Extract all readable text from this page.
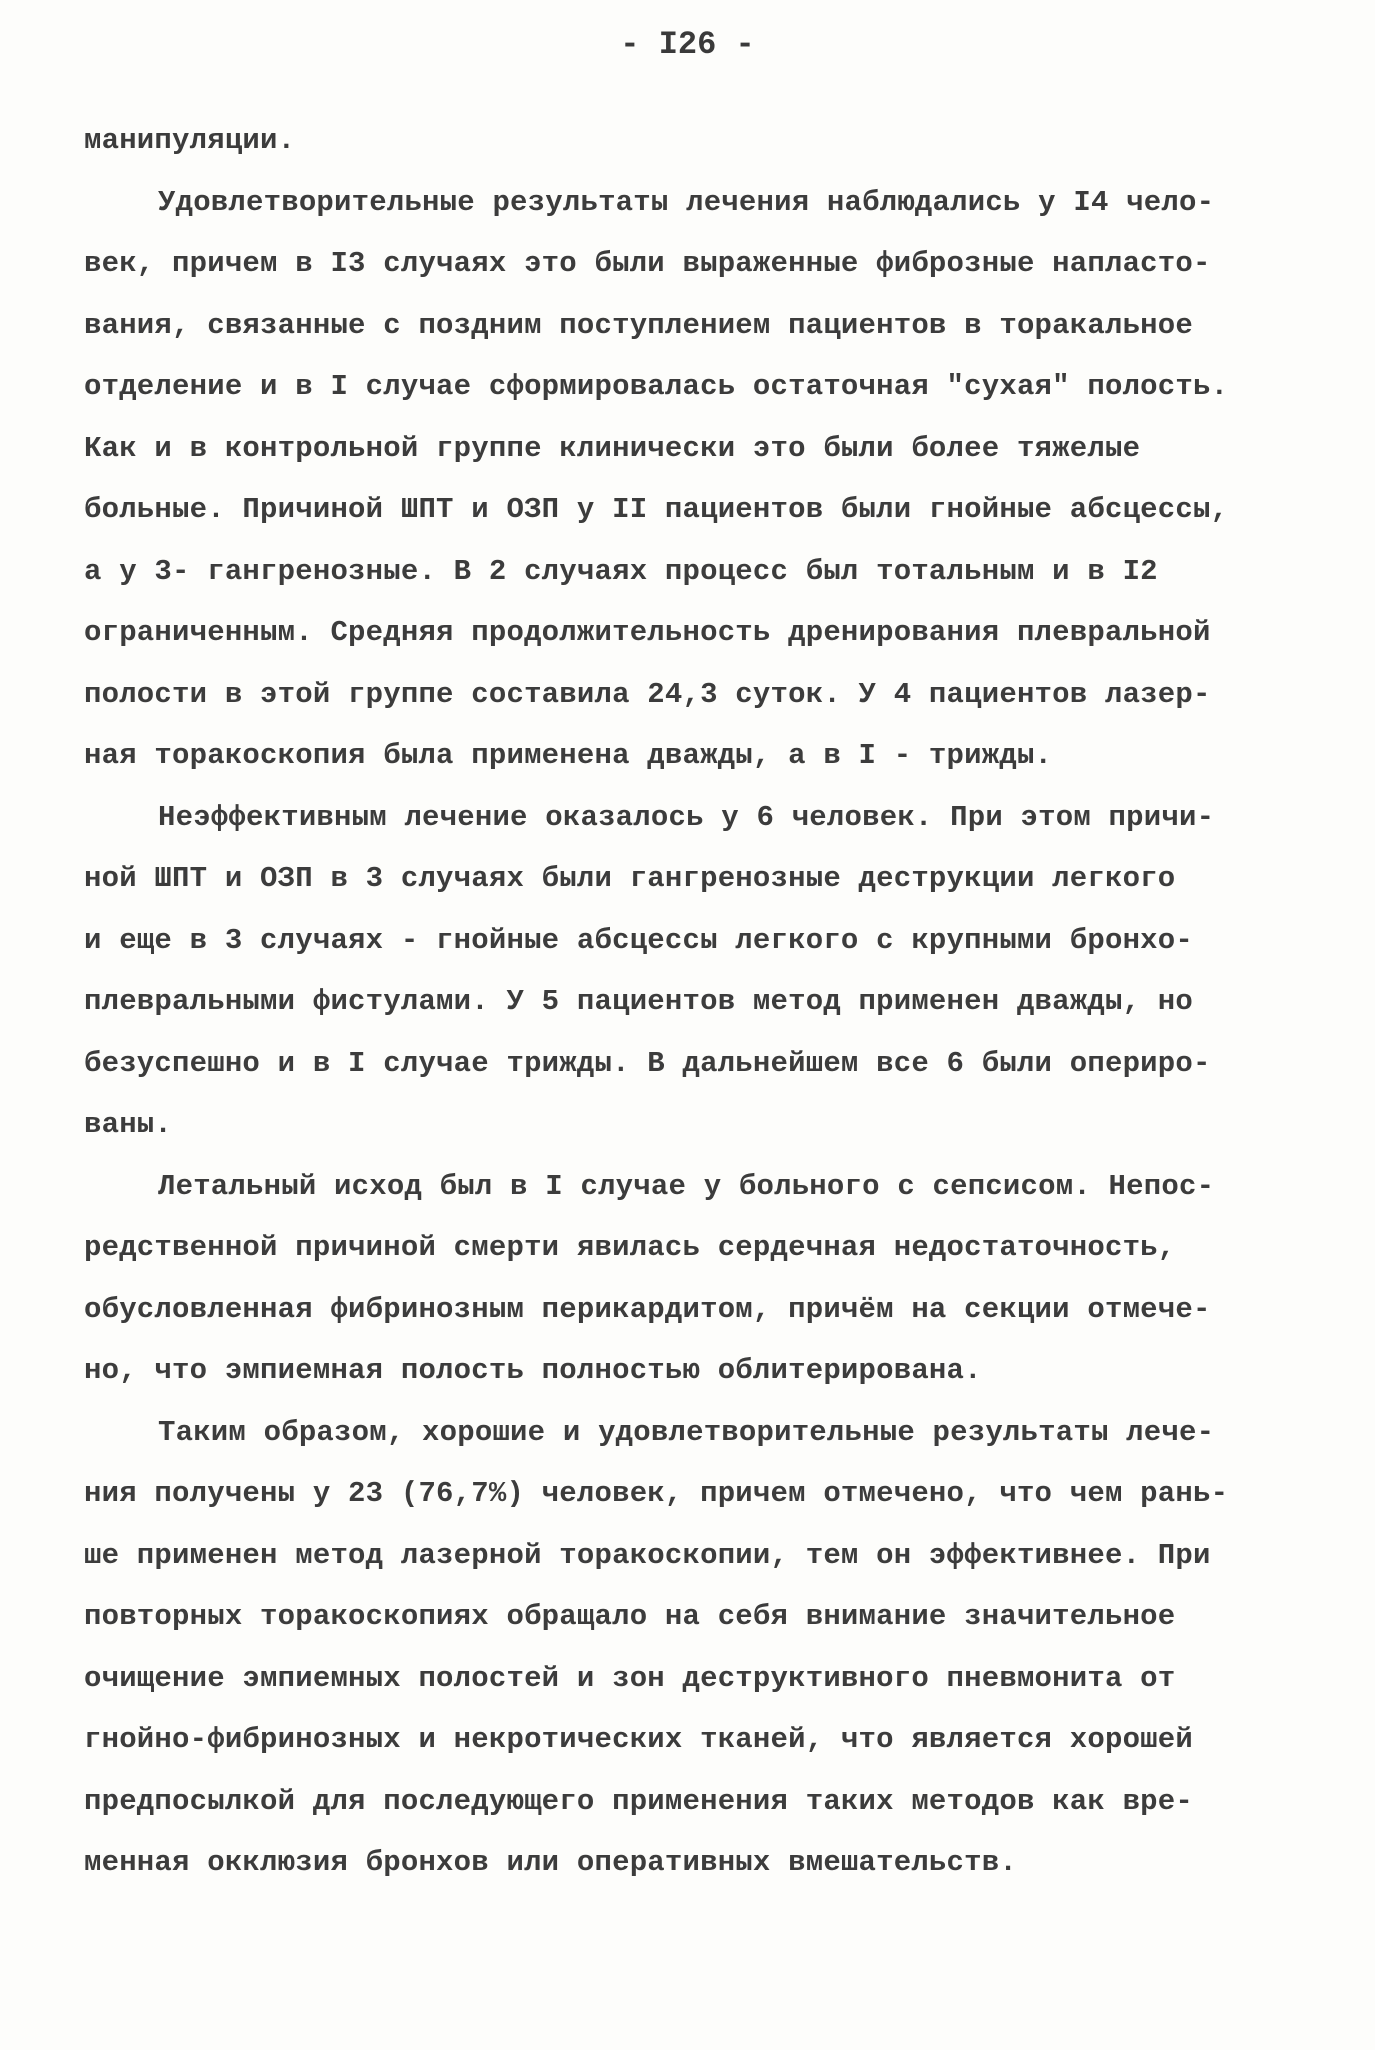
- I26 -
манипуляции.
Удовлетворительные результаты лечения наблюдались у I4 чело-
век, причем в I3 случаях это были выраженные фиброзные напласто-
вания, связанные с поздним поступлением пациентов в торакальное
отделение и в I случае сформировалась остаточная "сухая" полость.
Как и в контрольной группе клинически это были более тяжелые
больные. Причиной ШПТ и ОЗП у II пациентов были гнойные абсцессы,
а у 3- гангренозные. В 2 случаях процесс был тотальным и в I2
ограниченным. Средняя продолжительность дренирования плевральной
полости в этой группе составила 24,3 суток. У 4 пациентов лазер-
ная торакоскопия была применена дважды, а в I - трижды.
Неэффективным лечение оказалось у 6 человек. При этом причи-
ной ШПТ и ОЗП в 3 случаях были гангренозные деструкции легкого
и еще в 3 случаях - гнойные абсцессы легкого с крупными бронхо-
плевральными фистулами. У 5 пациентов метод применен дважды, но
безуспешно и в I случае трижды. В дальнейшем все 6 были опериро-
ваны.
Летальный исход был в I случае у больного с сепсисом. Непос-
редственной причиной смерти явилась сердечная недостаточность,
обусловленная фибринозным перикардитом, причём на секции отмече-
но, что эмпиемная полость полностью облитерирована.
Таким образом, хорошие и удовлетворительные результаты лече-
ния получены у 23 (76,7%) человек, причем отмечено, что чем рань-
ше применен метод лазерной торакоскопии, тем он эффективнее. При
повторных торакоскопиях обращало на себя внимание значительное
очищение эмпиемных полостей и зон деструктивного пневмонита от
гнойно-фибринозных и некротических тканей, что является хорошей
предпосылкой для последующего применения таких методов как вре-
менная окклюзия бронхов или оперативных вмешательств.
